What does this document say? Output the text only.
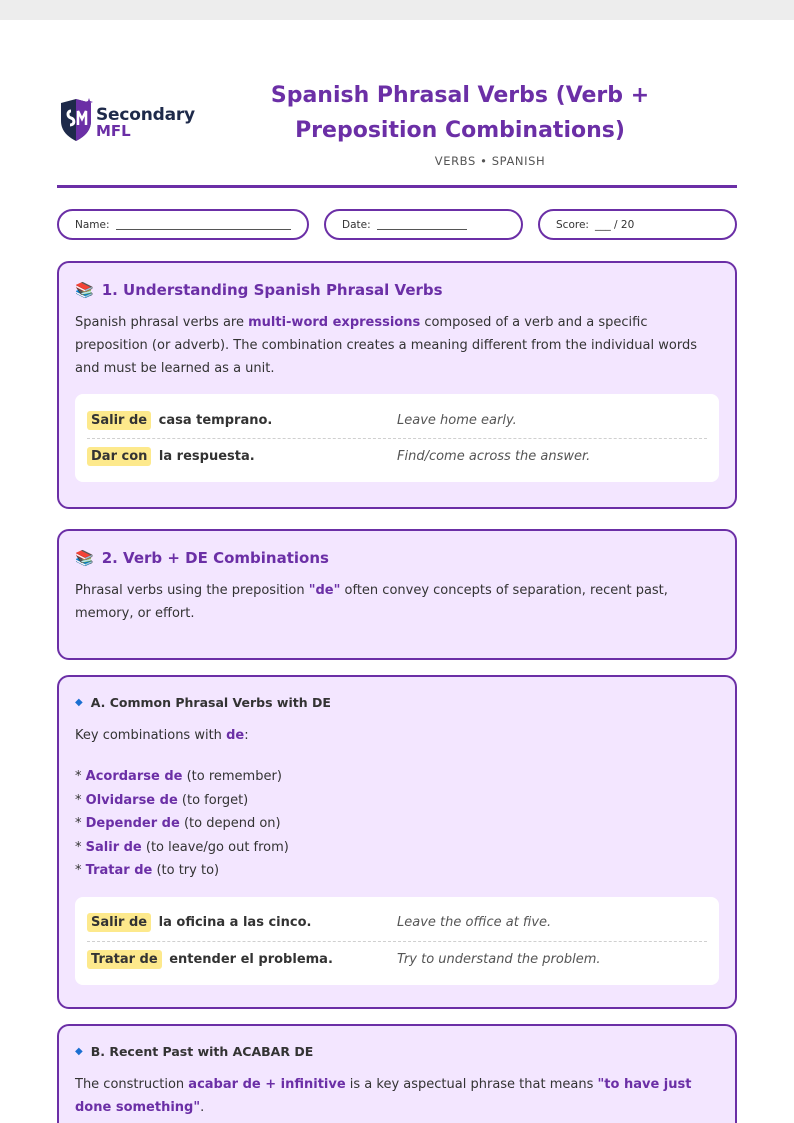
Secondary
MFL
Spanish Phrasal Verbs (Verb + Preposition Combinations)
VERBS • SPANISH
Name:	Date:	Score: ___ / 20
📚 1. Understanding Spanish Phrasal Verbs

Spanish phrasal verbs are multi-word expressions composed of a verb and a specific preposition (or adverb). The combination creates a meaning different from the individual words and must be learned as a unit.

Salir de casa temprano.	Leave home early.
Dar con la respuesta.	Find/come across the answer.
📚 2. Verb + DE Combinations

Phrasal verbs using the preposition "de" often convey concepts of separation, recent past, memory, or effort.

◆ A. Common Phrasal Verbs with DE

Key combinations with de:

* Acordarse de (to remember)
* Olvidarse de (to forget)
* Depender de (to depend on)
* Salir de (to leave/go out from)
* Tratar de (to try to)
Salir de la oficina a las cinco.	Leave the office at five.
Tratar de entender el problema.	Try to understand the problem.
◆ B. Recent Past with ACABAR DE

The construction acabar de + infinitive is a key aspectual phrase that means "to have just done something".
